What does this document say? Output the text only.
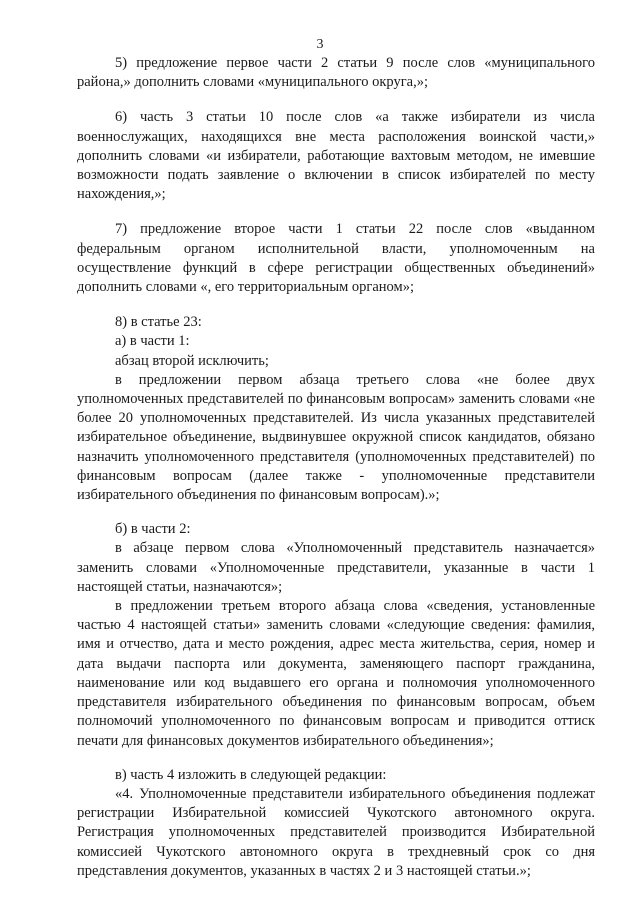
3

5) предложение первое части 2 статьи 9 после слов «муниципального района,» дополнить словами «муниципального округа,»;

6) часть 3 статьи 10 после слов «а также избиратели из числа военнослужащих, находящихся вне места расположения воинской части,» дополнить словами «и избиратели, работающие вахтовым методом, не имевшие возможности подать заявление о включении в список избирателей по месту нахождения,»;

7) предложение второе части 1 статьи 22 после слов «выданном федеральным органом исполнительной власти, уполномоченным на осуществление функций в сфере регистрации общественных объединений» дополнить словами «, его территориальным органом»;

8) в статье 23:

а) в части 1:

абзац второй исключить;

в предложении первом абзаца третьего слова «не более двух уполномоченных представителей по финансовым вопросам» заменить словами «не более 20 уполномоченных представителей. Из числа указанных представителей избирательное объединение, выдвинувшее окружной список кандидатов, обязано назначить уполномоченного представителя (уполномоченных представителей) по финансовым вопросам (далее также - уполномоченные представители избирательного объединения по финансовым вопросам).»;

б) в части 2:

в абзаце первом слова «Уполномоченный представитель назначается» заменить словами «Уполномоченные представители, указанные в части 1 настоящей статьи, назначаются»;

в предложении третьем второго абзаца слова «сведения, установленные частью 4 настоящей статьи» заменить словами «следующие сведения: фамилия, имя и отчество, дата и место рождения, адрес места жительства, серия, номер и дата выдачи паспорта или документа, заменяющего паспорт гражданина, наименование или код выдавшего его органа и полномочия уполномоченного представителя избирательного объединения по финансовым вопросам, объем полномочий уполномоченного по финансовым вопросам и приводится оттиск печати для финансовых документов избирательного объединения»;

в) часть 4 изложить в следующей редакции:

«4. Уполномоченные представители избирательного объединения подлежат регистрации Избирательной комиссией Чукотского автономного округа. Регистрация уполномоченных представителей производится Избирательной комиссией Чукотского автономного округа в трехдневный срок со дня представления документов, указанных в частях 2 и 3 настоящей статьи.»;
